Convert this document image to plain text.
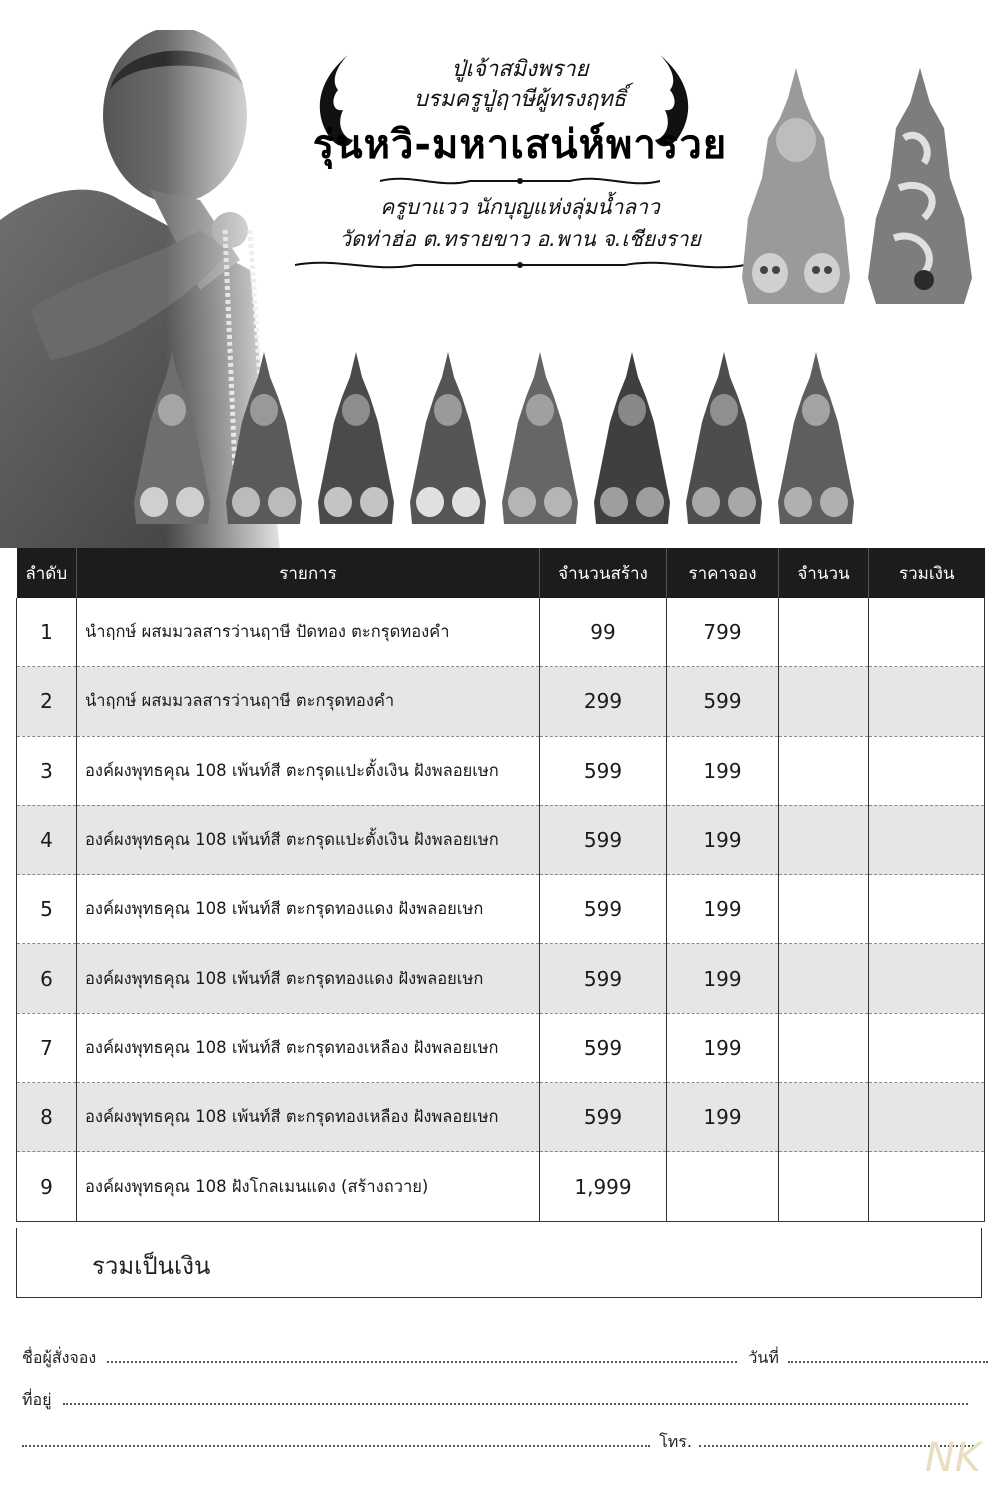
ปู่เจ้าสมิงพราย
บรมครูปู่ฤาษีผู้ทรงฤทธิ์
รุ่นหวิ-มหาเสน่ห์พารวย
ครูบาแวว นักบุญแห่งลุ่มน้ำลาว
วัดท่าฮ่อ ต.ทรายขาว อ.พาน จ.เชียงราย
ลำดับ	รายการ	จำนวนสร้าง	ราคาจอง	จำนวน	รวมเงิน
1	นำฤกษ์ ผสมมวลสารว่านฤาษี ปัดทอง ตะกรุดทองคำ	99	799		
2	นำฤกษ์ ผสมมวลสารว่านฤาษี ตะกรุดทองคำ	299	599		
3	องค์ผงพุทธคุณ 108 เพ้นท์สี ตะกรุดแปะตั้งเงิน ฝังพลอยเษก	599	199		
4	องค์ผงพุทธคุณ 108 เพ้นท์สี ตะกรุดแปะตั้งเงิน ฝังพลอยเษก	599	199		
5	องค์ผงพุทธคุณ 108 เพ้นท์สี ตะกรุดทองแดง ฝังพลอยเษก	599	199		
6	องค์ผงพุทธคุณ 108 เพ้นท์สี ตะกรุดทองแดง ฝังพลอยเษก	599	199		
7	องค์ผงพุทธคุณ 108 เพ้นท์สี ตะกรุดทองเหลือง ฝังพลอยเษก	599	199		
8	องค์ผงพุทธคุณ 108 เพ้นท์สี ตะกรุดทองเหลือง ฝังพลอยเษก	599	199		
9	องค์ผงพุทธคุณ 108 ฝังโกลเมนแดง (สร้างถวาย)	1,999			
รวมเป็นเงิน
ชื่อผู้สั่งจอง	วันที่
ที่อยู่
โทร.	NK
